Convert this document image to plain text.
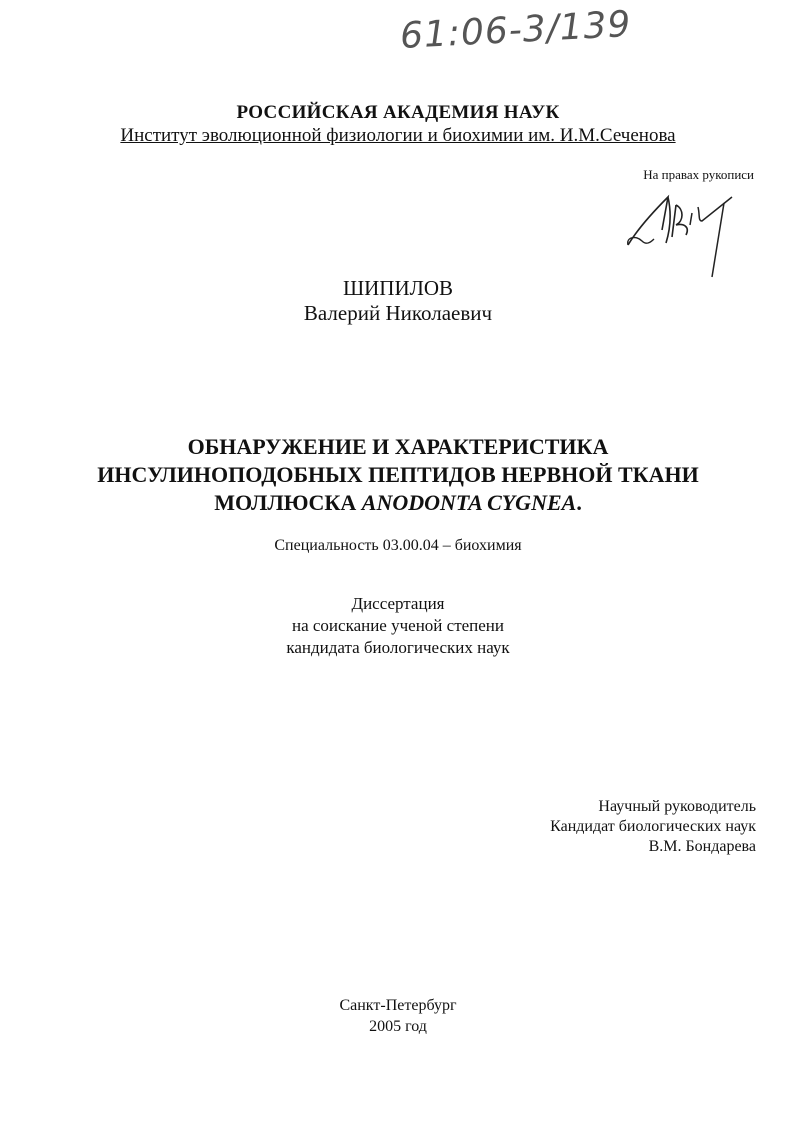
61:06-3/139
РОССИЙСКАЯ АКАДЕМИЯ НАУК
Институт эволюционной физиологии и биохимии им. И.М.Сеченова
На правах рукописи
ШИПИЛОВ
Валерий Николаевич
ОБНАРУЖЕНИЕ И ХАРАКТЕРИСТИКА
ИНСУЛИНОПОДОБНЫХ ПЕПТИДОВ НЕРВНОЙ ТКАНИ
МОЛЛЮСКА ANODONTA CYGNEA.
Специальность 03.00.04 – биохимия
Диссертация
на соискание ученой степени
кандидата биологических наук
Научный руководитель
Кандидат биологических наук
В.М. Бондарева
Санкт-Петербург
2005 год
